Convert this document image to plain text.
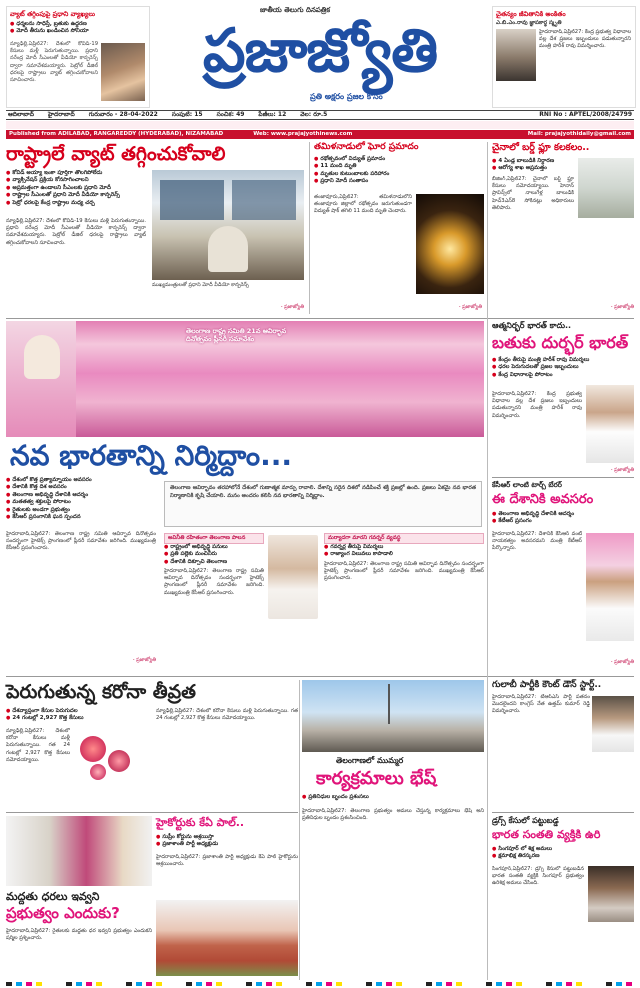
వ్యాట్ తగ్గింపుపై ప్రధాని వ్యాఖ్యలు
● ధర్మలను సాధిస్తే, బ్రతుకు ఉద్ధరణ
● మోదీ తీరును ఖండించిన సోనియా
న్యూఢిల్లీ,ఏప్రిల్27: దేశంలో కోవిడ్-19 కేసులు మళ్లీ పెరుగుతున్నాయి. ప్రధాని నరేంద్ర మోదీ సీఎంలతో వీడియో కాన్ఫరెన్స్ ద్వారా సమావేశమయ్యారు. పెట్రోల్ డీజిల్ ధరలపై రాష్ట్రాలు వ్యాట్ తగ్గించుకోవాలని సూచించారు.
జాతీయ తెలుగు దినపత్రిక
ప్రజాజ్యోతి
ప్రతి అక్షరం ప్రజల కోసం
చైతన్యం జీవితానికి అంకితం
ఎ.బి.ఎం.రావు జ్ఞాపకార్థ స్మృతి
హైదరాబాద్,ఏప్రిల్27: కేంద్ర ప్రభుత్వ విధానాల వల్ల దేశ ప్రజలు ఇబ్బందులు పడుతున్నారని మంత్రి హరీశ్ రావు విమర్శించారు.
ఆదిలాబాద్ హైదరాబాద్ గురువారం - 28-04-2022 సంపుటి: 15 సంచిక: 49 పేజీలు: 12 వెల: రూ.5	RNI No : APTEL/2008/24799
Published from ADILABAD, RANGAREDDY (HYDERABAD), NIZAMABAD	Web: www.prajajyothinews.com	Mail: prajajyothidaily@gmail.com
రాష్ట్రాలే వ్యాట్ తగ్గించుకోవాలి
● కోవిడ్ అయ్యా ఇంకా పూర్తిగా తొలగిపోలేదు
● వ్యాక్సినేషన్ ప్రక్రియ కోనసాగించాలని
● అప్రమత్తంగా ఉండాలని సీఎంలకు ప్రధాని మోదీ
● రాష్ట్రాల సీఎంలతో ప్రధాని మోదీ వీడియో కాన్ఫరెన్స్
● పెట్రో ధరలపై కేంద్ర రాష్ట్రాల మధ్య చర్చ
న్యూఢిల్లీ,ఏప్రిల్27: దేశంలో కోవిడ్-19 కేసులు మళ్లీ పెరుగుతున్నాయి. ప్రధాని నరేంద్ర మోదీ సీఎంలతో వీడియో కాన్ఫరెన్స్ ద్వారా సమావేశమయ్యారు. పెట్రోల్ డీజిల్ ధరలపై రాష్ట్రాలు వ్యాట్ తగ్గించుకోవాలని సూచించారు.
ముఖ్యమంత్రులతో ప్రధాని మోదీ వీడియో కాన్ఫరెన్స్
- ప్రజాజ్యోతి
తమిళనాడులో ఘోర ప్రమాదం
● రథోత్సవంలో విద్యుత్ ప్రమాదం
● 11 మంది మృతి
● మృతుల కుటుంబాలకు పరిహారం
● ప్రధాని మోదీ సంతాపం
తంజావూరు,ఏప్రిల్27: తమిళనాడులోని తంజావూరు జిల్లాలో రథోత్సవం జరుగుతుండగా విద్యుత్ షాక్ తగిలి 11 మంది మృతి చెందారు.
- ప్రజాజ్యోతి
చైనాలో బర్డ్ ఫ్లూ కలకలం..
● 4 ఏండ్ల బాలుడికి నిర్ధారణ
● ఆరోగ్య శాఖ అప్రమత్తం
బీజింగ్,ఏప్రిల్27: చైనాలో బర్డ్ ఫ్లూ కేసులు నమోదయ్యాయి. హెనాన్ ప్రావిన్స్‌లో నాలుగేళ్ల బాలుడికి హెచ్3ఎన్8 సోకినట్లు అధికారులు తెలిపారు.
- ప్రజాజ్యోతి
తెలంగాణ రాష్ట్ర సమితి 21వ ఆవిర్భావ దినోత్సవం ప్లీనరీ సమావేశం
నవ భారతాన్ని నిర్మిద్దాం...
● దేశంలో కొత్త ప్రత్యామ్నాయం అవసరం
● దేశానికి కొత్త దిశ అవసరం
● తెలంగాణ అభివృద్ధి దేశానికి ఆదర్శం
● మతతత్వ శక్తులపై పోరాటం
● రైతులకు అండగా ప్రభుత్వం
● కేసీఆర్ ప్రసంగానికి ఘన స్పందన
హైదరాబాద్,ఏప్రిల్27: తెలంగాణ రాష్ట్ర సమితి ఆవిర్భావ దినోత్సవం సందర్భంగా హైటెక్స్ ప్రాంగణంలో ప్లీనరీ సమావేశం జరిగింది. ముఖ్యమంత్రి కేసీఆర్ ప్రసంగించారు.
- ప్రజాజ్యోతి
తెలంగాణ ఆవిర్భావం తరహాలోనే దేశంలో గుణాత్మక మార్పు రావాలి. దేశాన్ని సరైన దిశలో నడిపించే శక్తి ప్రజల్లో ఉంది. ప్రజలు ఏకమై నవ భారత నిర్మాణానికి కృషి చేయాలి. మనం అందరం కలిసి నవ భారతాన్ని నిర్మిద్దాం.
అవినీతి రహితంగా తెలంగాణ పాలన
● రాష్ట్రంలో అభివృద్ధి పనులు
● ప్రతి పల్లెకు మంచినీరు
● దేశానికి దిక్సూచి తెలంగాణ
హైదరాబాద్,ఏప్రిల్27: తెలంగాణ రాష్ట్ర సమితి ఆవిర్భావ దినోత్సవం సందర్భంగా హైటెక్స్ ప్రాంగణంలో ప్లీనరీ సమావేశం జరిగింది. ముఖ్యమంత్రి కేసీఆర్ ప్రసంగించారు.
మర్యాదగా మారని గవర్నర్ వ్యవస్థ
● గవర్నర్ల తీరుపై విమర్శలు
● రాజ్యాంగ విలువలు కాపాడాలి
హైదరాబాద్,ఏప్రిల్27: తెలంగాణ రాష్ట్ర సమితి ఆవిర్భావ దినోత్సవం సందర్భంగా హైటెక్స్ ప్రాంగణంలో ప్లీనరీ సమావేశం జరిగింది. ముఖ్యమంత్రి కేసీఆర్ ప్రసంగించారు.
ఆత్మనిర్భర్ భారత్ కాదు..
బతుకు దుర్భర్ భారత్
● కేంద్రం తీరుపై మంత్రి హరీశ్ రావు విమర్శలు
● ధరల పెరుగుదలతో ప్రజల ఇబ్బందులు
● కేంద్ర విధానాలపై పోరాటం
హైదరాబాద్,ఏప్రిల్27: కేంద్ర ప్రభుత్వ విధానాల వల్ల దేశ ప్రజలు ఇబ్బందులు పడుతున్నారని మంత్రి హరీశ్ రావు విమర్శించారు.
- ప్రజాజ్యోతి
కేసీఆర్ లాంటి టార్చ్ బేరర్
ఈ దేశానికి అవసరం
● తెలంగాణ అభివృద్ధి దేశానికి ఆదర్శం
● కేటీఆర్ ప్రసంగం
హైదరాబాద్,ఏప్రిల్27: దేశానికి కేసీఆర్ వంటి నాయకత్వం అవసరమని మంత్రి కేటీఆర్ పేర్కొన్నారు.
- ప్రజాజ్యోతి
పెరుగుతున్న కరోనా తీవ్రత
● దేశవ్యాప్తంగా కేసుల పెరుగుదల
● 24 గంటల్లో 2,927 కొత్త కేసులు
న్యూఢిల్లీ,ఏప్రిల్27: దేశంలో కరోనా కేసులు మళ్లీ పెరుగుతున్నాయి. గత 24 గంటల్లో 2,927 కొత్త కేసులు నమోదయ్యాయి.
న్యూఢిల్లీ,ఏప్రిల్27: దేశంలో కరోనా కేసులు మళ్లీ పెరుగుతున్నాయి. గత 24 గంటల్లో 2,927 కొత్త కేసులు నమోదయ్యాయి.
తెలంగాణలో ముమ్మర
కార్యక్రమాలు భేష్
● ప్రతినిధుల బృందం ప్రశంసలు
హైదరాబాద్,ఏప్రిల్27: తెలంగాణ ప్రభుత్వం అమలు చేస్తున్న కార్యక్రమాలు భేష్ అని ప్రతినిధుల బృందం ప్రశంసించింది.
గులాబీ పార్టీకి కౌంట్ డౌన్ స్టార్ట్..
హైదరాబాద్,ఏప్రిల్27: టీఆర్ఎస్ పార్టీ పతనం మొదలైందని కాంగ్రెస్ నేత ఉత్తమ్ కుమార్ రెడ్డి విమర్శించారు.
మద్దతు ధరలు ఇవ్వని
ప్రభుత్వం ఎందుకు?
హైదరాబాద్,ఏప్రిల్27: రైతులకు మద్దతు ధర ఇవ్వని ప్రభుత్వం ఎందుకని షర్మిల ప్రశ్నించారు.
హైకోర్టుకు కేఏ పాల్..
● సుప్రీం కోర్టును ఆశ్రయిస్తా
● ప్రజాశాంతి పార్టీ అధ్యక్షుడు
హైదరాబాద్,ఏప్రిల్27: ప్రజాశాంతి పార్టీ అధ్యక్షుడు కేఏ పాల్ హైకోర్టును ఆశ్రయించారు.
డ్రగ్స్ కేసులో పట్టుబడ్డ
భారత సంతతి వ్యక్తికి ఉరి
● సింగపూర్ లో శిక్ష అమలు
● క్షమాభిక్ష తిరస్కరణ
సింగపూర్,ఏప్రిల్27: డ్రగ్స్ కేసులో పట్టుబడిన భారత సంతతి వ్యక్తికి సింగపూర్ ప్రభుత్వం ఉరిశిక్ష అమలు చేసింది.
